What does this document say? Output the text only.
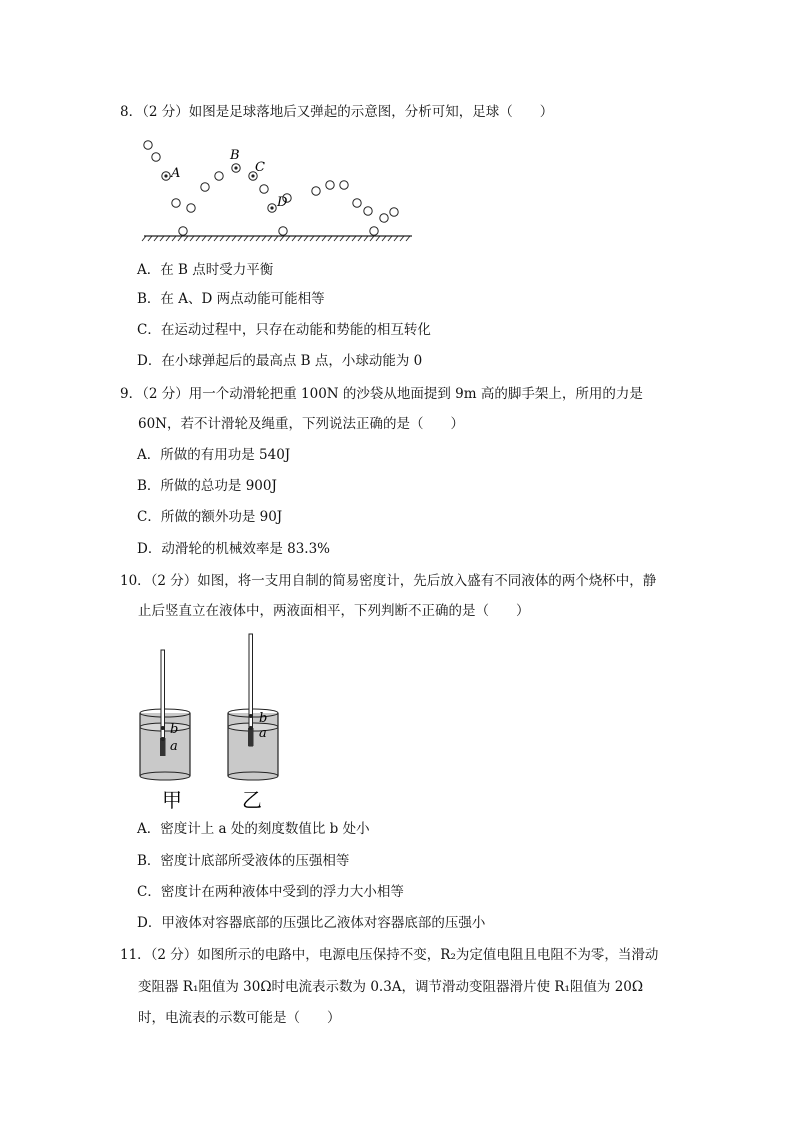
8．（2 分）如图是足球落地后又弹起的示意图，分析可知，足球（　　）
A
B
C
D
A．在 B 点时受力平衡
B．在 A、D 两点动能可能相等
C．在运动过程中，只存在动能和势能的相互转化
D．在小球弹起后的最高点 B 点，小球动能为 0
9．（2 分）用一个动滑轮把重 100N 的沙袋从地面提到 9m 高的脚手架上，所用的力是
60N，若不计滑轮及绳重，下列说法正确的是（　　）
A．所做的有用功是 540J
B．所做的总功是 900J
C．所做的额外功是 90J
D．动滑轮的机械效率是 83.3%
10．（2 分）如图，将一支用自制的简易密度计，先后放入盛有不同液体的两个烧杯中，静
止后竖直立在液体中，两液面相平，下列判断不正确的是（　　）
b
a
b
a
甲	乙
A．密度计上 a 处的刻度数值比 b 处小
B．密度计底部所受液体的压强相等
C．密度计在两种液体中受到的浮力大小相等
D．甲液体对容器底部的压强比乙液体对容器底部的压强小
11．（2 分）如图所示的电路中，电源电压保持不变，R₂为定值电阻且电阻不为零，当滑动
变阻器 R₁阻值为 30Ω时电流表示数为 0.3A，调节滑动变阻器滑片使 R₁阻值为 20Ω
时，电流表的示数可能是（　　）
